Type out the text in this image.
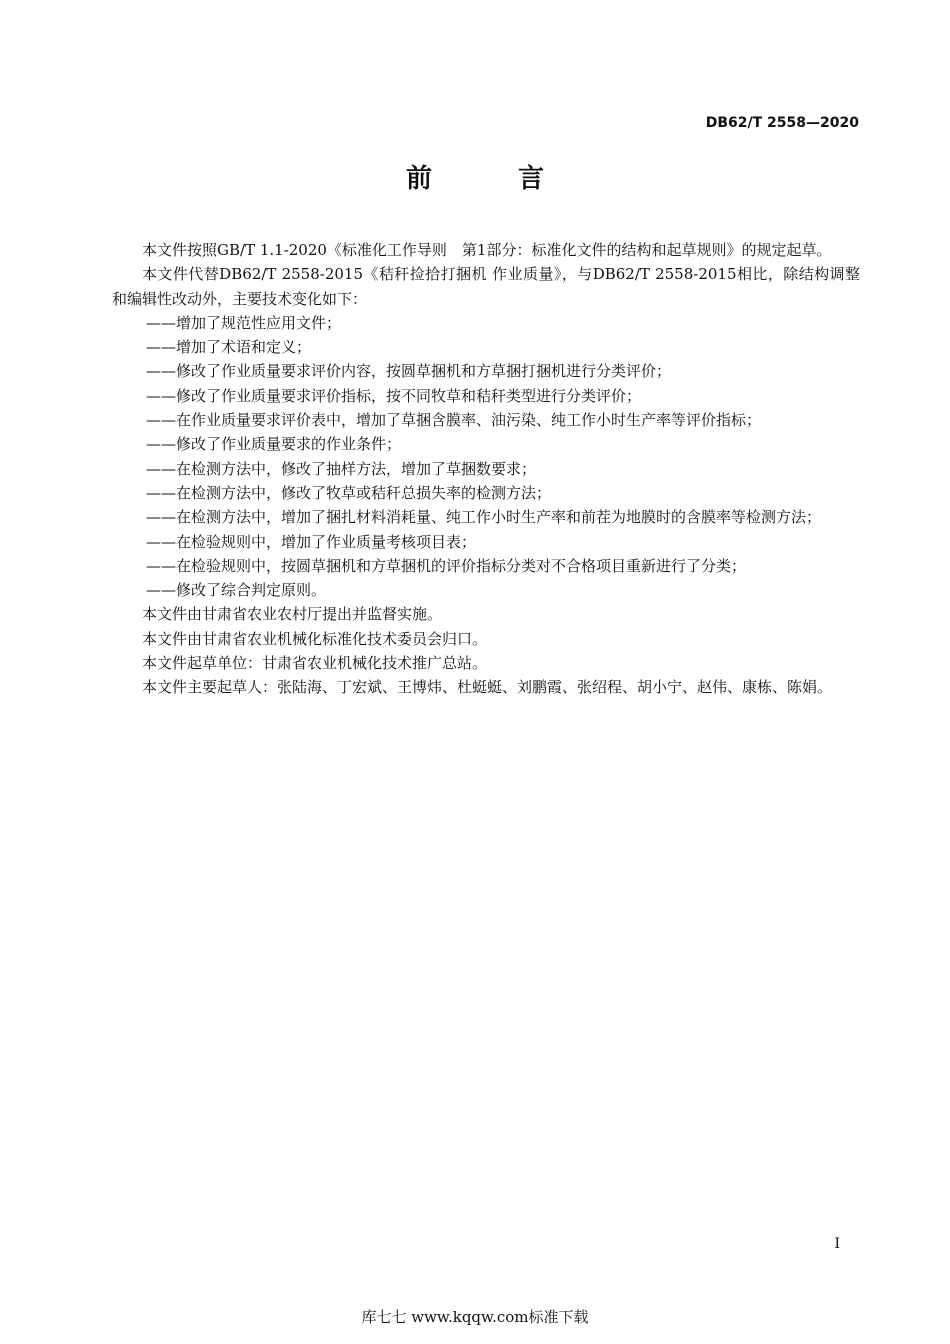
DB62/T 2558—2020
前　言

本文件按照GB/T 1.1-2020《标准化工作导则　第1部分：标准化文件的结构和起草规则》的规定起草。

本文件代替DB62/T 2558-2015《秸秆捡拾打捆机 作业质量》，与DB62/T 2558-2015相比，除结构调整和编辑性改动外，主要技术变化如下：

——增加了规范性应用文件；

——增加了术语和定义；

——修改了作业质量要求评价内容，按圆草捆机和方草捆打捆机进行分类评价；

——修改了作业质量要求评价指标，按不同牧草和秸秆类型进行分类评价；

——在作业质量要求评价表中，增加了草捆含膜率、油污染、纯工作小时生产率等评价指标；

——修改了作业质量要求的作业条件；

——在检测方法中，修改了抽样方法，增加了草捆数要求；

——在检测方法中，修改了牧草或秸秆总损失率的检测方法；

——在检测方法中，增加了捆扎材料消耗量、纯工作小时生产率和前茬为地膜时的含膜率等检测方法；

——在检验规则中，增加了作业质量考核项目表；

——在检验规则中，按圆草捆机和方草捆机的评价指标分类对不合格项目重新进行了分类；

——修改了综合判定原则。

本文件由甘肃省农业农村厅提出并监督实施。

本文件由甘肃省农业机械化标准化技术委员会归口。

本文件起草单位：甘肃省农业机械化技术推广总站。

本文件主要起草人：张陆海、丁宏斌、王博炜、杜蜓蜓、刘鹏霞、张绍程、胡小宁、赵伟、康栋、陈娟。

I
库七七 www.kqqw.com标准下载
